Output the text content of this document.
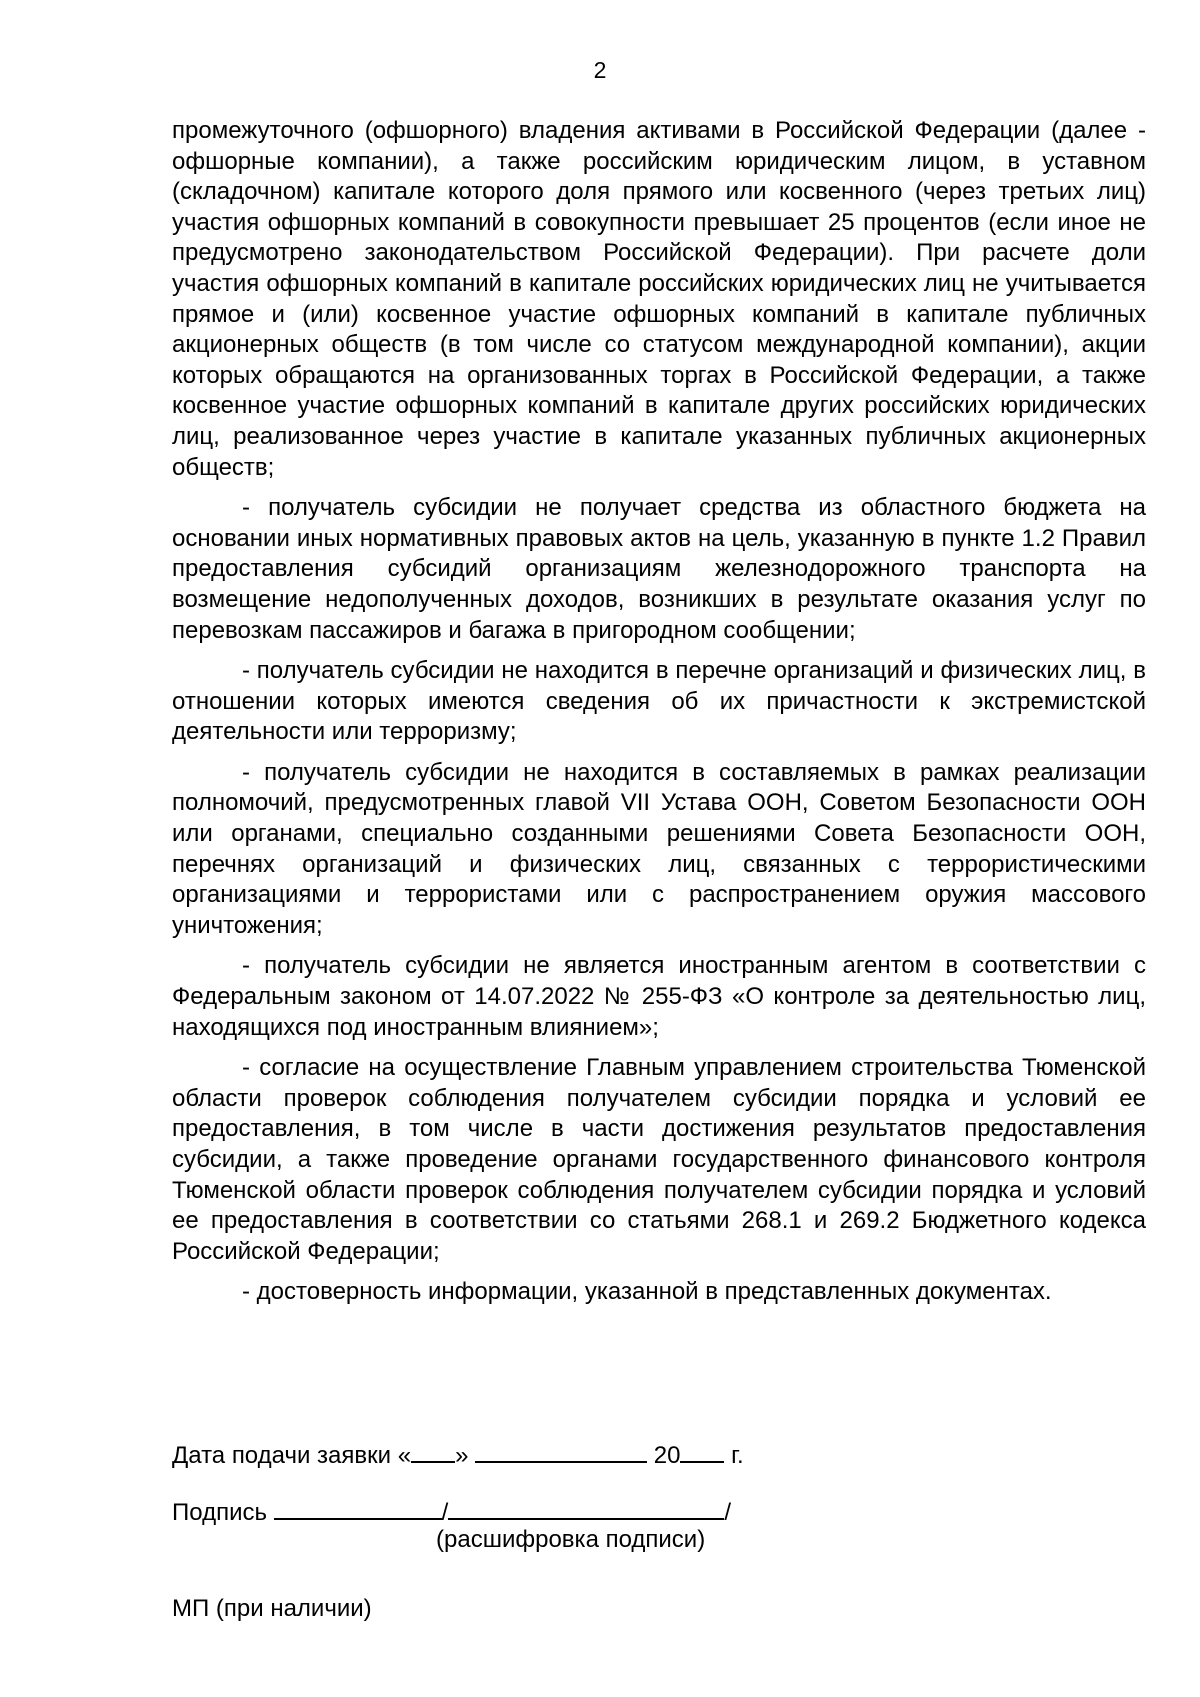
2

промежуточного (офшорного) владения активами в Российской Федерации (далее - офшорные компании), а также российским юридическим лицом, в уставном (складочном) капитале которого доля прямого или косвенного (через третьих лиц) участия офшорных компаний в совокупности превышает 25 процентов (если иное не предусмотрено законодательством Российской Федерации). При расчете доли участия офшорных компаний в капитале российских юридических лиц не учитывается прямое и (или) косвенное участие офшорных компаний в капитале публичных акционерных обществ (в том числе со статусом международной компании), акции которых обращаются на организованных торгах в Российской Федерации, а также косвенное участие офшорных компаний в капитале других российских юридических лиц, реализованное через участие в капитале указанных публичных акционерных обществ;

- получатель субсидии не получает средства из областного бюджета на основании иных нормативных правовых актов на цель, указанную в пункте 1.2 Правил предоставления субсидий организациям железнодорожного транспорта на возмещение недополученных доходов, возникших в результате оказания услуг по перевозкам пассажиров и багажа в пригородном сообщении;

- получатель субсидии не находится в перечне организаций и физических лиц, в отношении которых имеются сведения об их причастности к экстремистской деятельности или терроризму;

- получатель субсидии не находится в составляемых в рамках реализации полномочий, предусмотренных главой VII Устава ООН, Советом Безопасности ООН или органами, специально созданными решениями Совета Безопасности ООН, перечнях организаций и физических лиц, связанных с террористическими организациями и террористами или с распространением оружия массового уничтожения;

- получатель субсидии не является иностранным агентом в соответствии с Федеральным законом от 14.07.2022 № 255-ФЗ «О контроле за деятельностью лиц, находящихся под иностранным влиянием»;

- согласие на осуществление Главным управлением строительства Тюменской области проверок соблюдения получателем субсидии порядка и условий ее предоставления, в том числе в части достижения результатов предоставления субсидии, а также проведение органами государственного финансового контроля Тюменской области проверок соблюдения получателем субсидии порядка и условий ее предоставления в соответствии со статьями 268.1 и 269.2 Бюджетного кодекса Российской Федерации;

- достоверность информации, указанной в представленных документах.

Дата подачи заявки « »	20 г.
Подпись	/	/
(расшифровка подписи)
МП (при наличии)
